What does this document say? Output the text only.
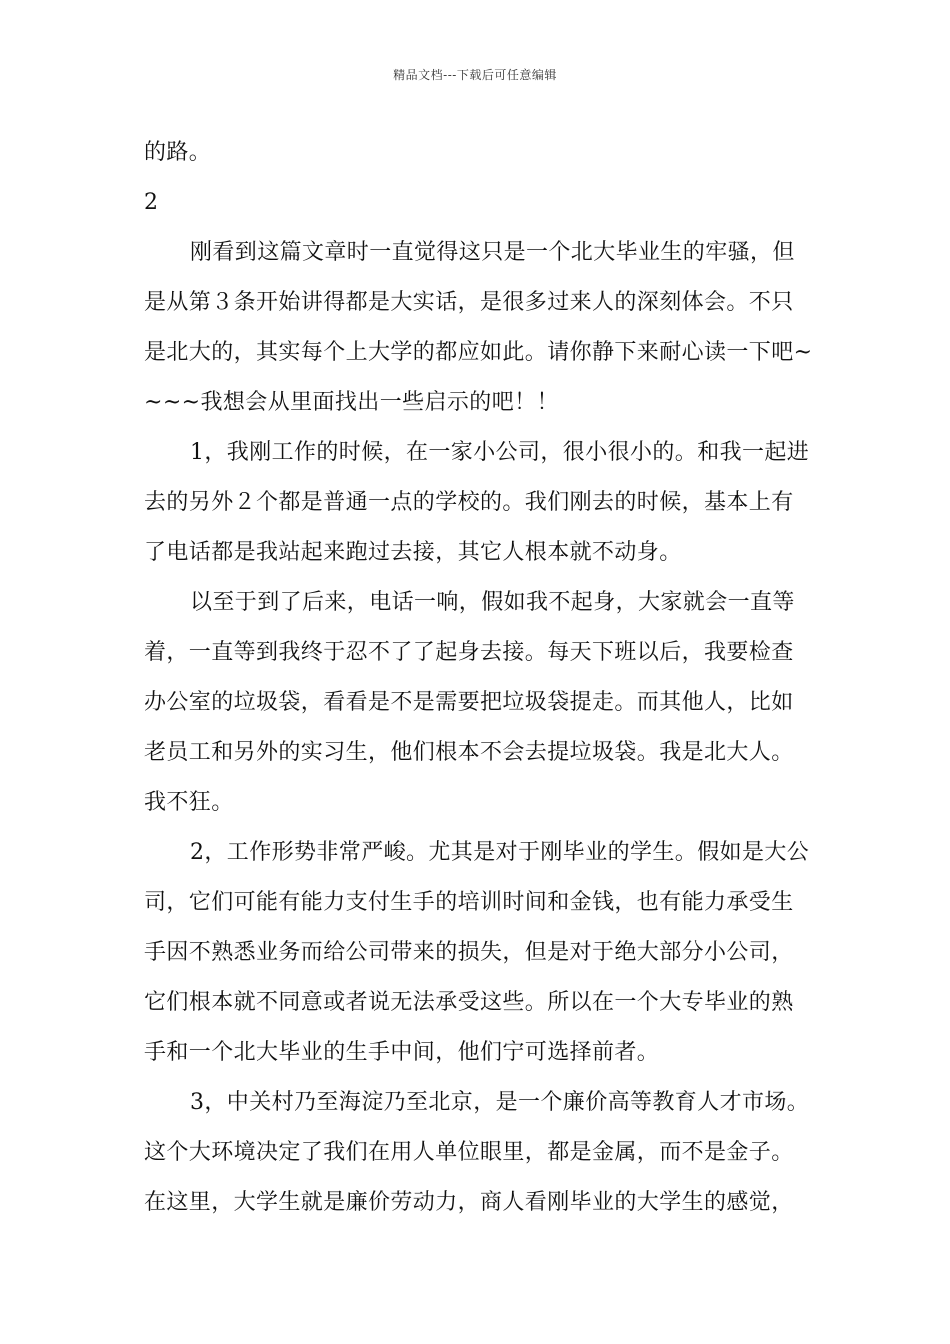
精品文档---下载后可任意编辑
的路。
2
刚看到这篇文章时一直觉得这只是一个北大毕业生的牢骚，但
是从第３条开始讲得都是大实话，是很多过来人的深刻体会。不只
是北大的，其实每个上大学的都应如此。请你静下来耐心读一下吧~
~~~我想会从里面找出一些启示的吧！！
1，我刚工作的时候，在一家小公司，很小很小的。和我一起进
去的另外２个都是普通一点的学校的。我们刚去的时候，基本上有
了电话都是我站起来跑过去接，其它人根本就不动身。
以至于到了后来，电话一响，假如我不起身，大家就会一直等
着，一直等到我终于忍不了了起身去接。每天下班以后，我要检查
办公室的垃圾袋，看看是不是需要把垃圾袋提走。而其他人，比如
老员工和另外的实习生，他们根本不会去提垃圾袋。我是北大人。
我不狂。
2，工作形势非常严峻。尤其是对于刚毕业的学生。假如是大公
司，它们可能有能力支付生手的培训时间和金钱，也有能力承受生
手因不熟悉业务而给公司带来的损失，但是对于绝大部分小公司，
它们根本就不同意或者说无法承受这些。所以在一个大专毕业的熟
手和一个北大毕业的生手中间，他们宁可选择前者。
3，中关村乃至海淀乃至北京，是一个廉价高等教育人才市场。
这个大环境决定了我们在用人单位眼里，都是金属，而不是金子。
在这里，大学生就是廉价劳动力，商人看刚毕业的大学生的感觉，
